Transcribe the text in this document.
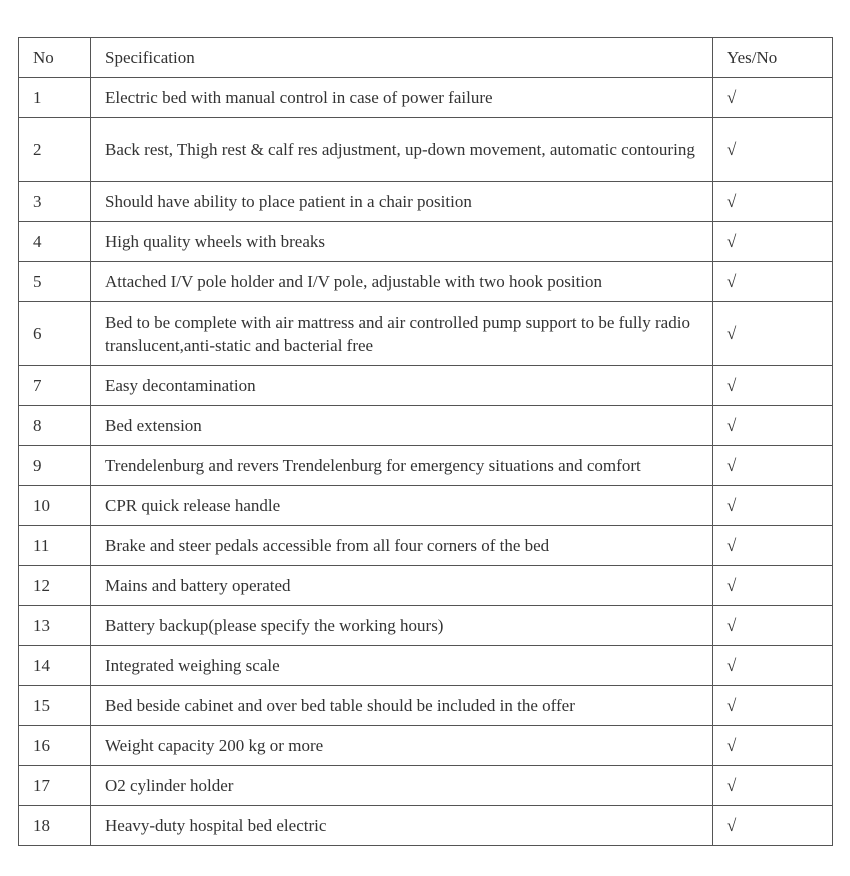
No	Specification	Yes/No
1	Electric bed with manual control in case of power failure	√
2	Back rest, Thigh rest & calf res adjustment, up-down movement, automatic contouring	√
3	Should have ability to place patient in a chair position	√
4	High quality wheels with breaks	√
5	Attached I/V pole holder and I/V pole, adjustable with two hook position	√
6	Bed to be complete with air mattress and air controlled pump support to be fully radio translucent,anti-static and bacterial free	√
7	Easy decontamination	√
8	Bed extension	√
9	Trendelenburg and revers Trendelenburg for emergency situations and comfort	√
10	CPR quick release handle	√
11	Brake and steer pedals accessible from all four corners of the bed	√
12	Mains and battery operated	√
13	Battery backup(please specify the working hours)	√
14	Integrated weighing scale	√
15	Bed beside cabinet and over bed table should be included in the offer	√
16	Weight capacity 200 kg or more	√
17	O2 cylinder holder	√
18	Heavy-duty hospital bed electric	√
